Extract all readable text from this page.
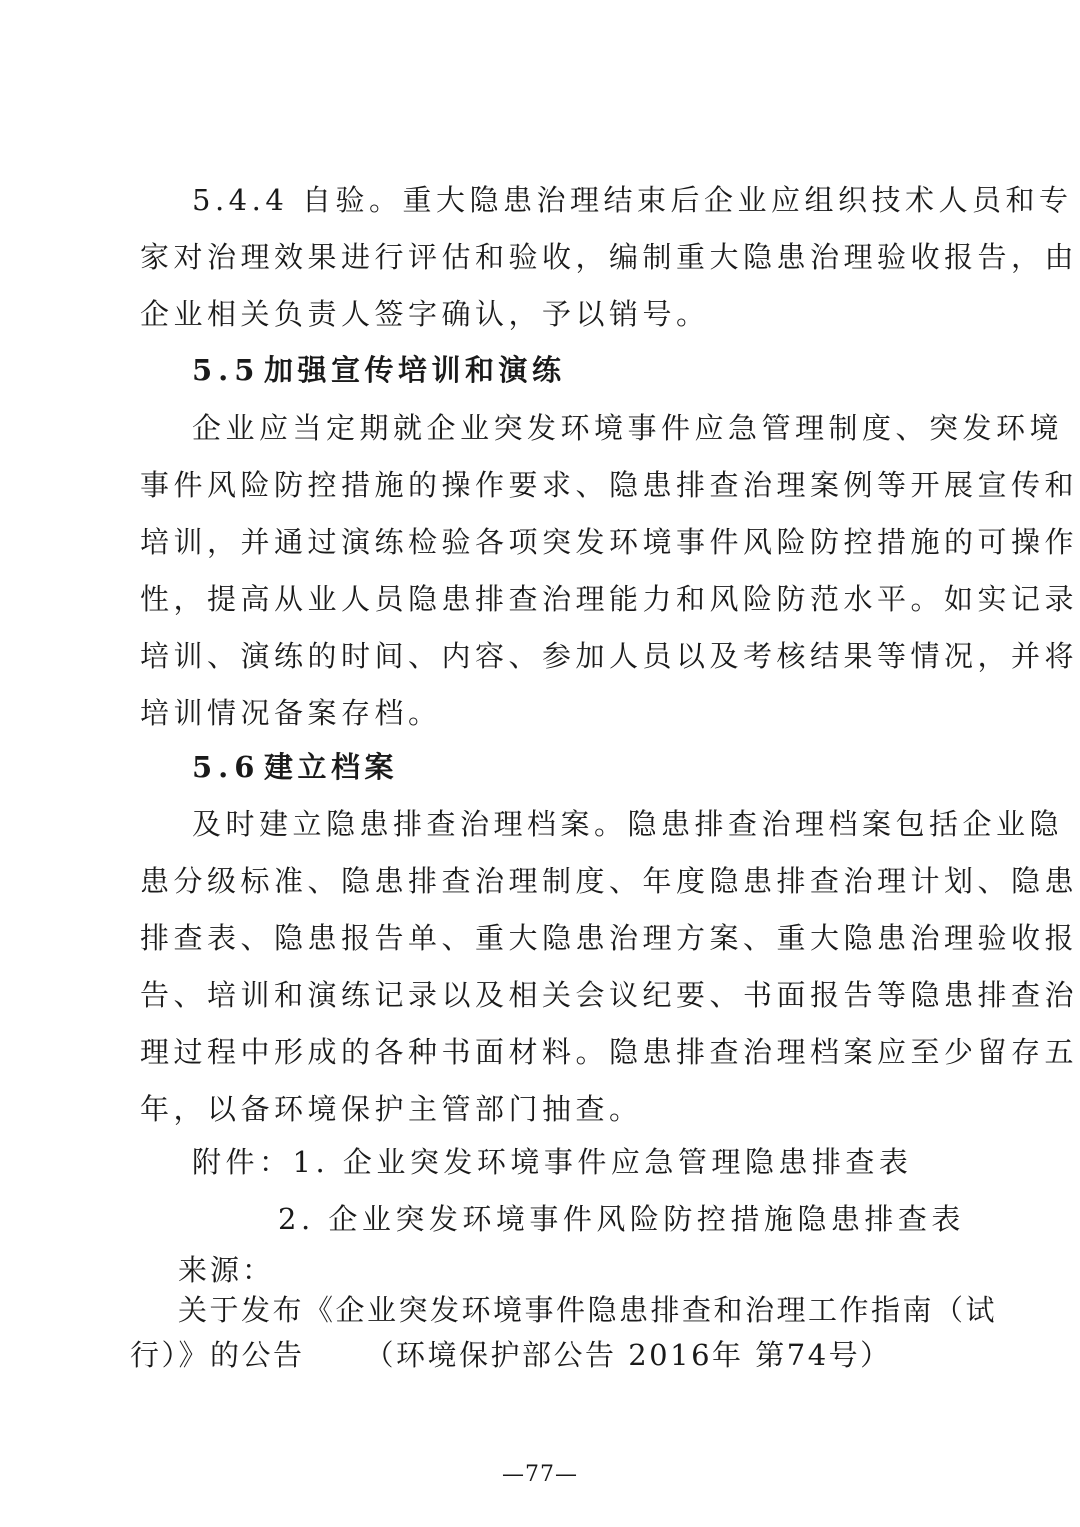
5.4.4 自验。重大隐患治理结束后企业应组织技术人员和专
家对治理效果进行评估和验收，编制重大隐患治理验收报告，由
企业相关负责人签字确认，予以销号。
5.5 加强宣传培训和演练
企业应当定期就企业突发环境事件应急管理制度、突发环境
事件风险防控措施的操作要求、隐患排查治理案例等开展宣传和
培训，并通过演练检验各项突发环境事件风险防控措施的可操作
性，提高从业人员隐患排查治理能力和风险防范水平。如实记录
培训、演练的时间、内容、参加人员以及考核结果等情况，并将
培训情况备案存档。
5.6 建立档案
及时建立隐患排查治理档案。隐患排查治理档案包括企业隐
患分级标准、隐患排查治理制度、年度隐患排查治理计划、隐患
排查表、隐患报告单、重大隐患治理方案、重大隐患治理验收报
告、培训和演练记录以及相关会议纪要、书面报告等隐患排查治
理过程中形成的各种书面材料。隐患排查治理档案应至少留存五
年，以备环境保护主管部门抽查。
附件：1. 企业突发环境事件应急管理隐患排查表
2. 企业突发环境事件风险防控措施隐患排查表
来源：
关于发布《企业突发环境事件隐患排查和治理工作指南（试
行）》的公告 （环境保护部公告 2016年 第74号）
—77—
